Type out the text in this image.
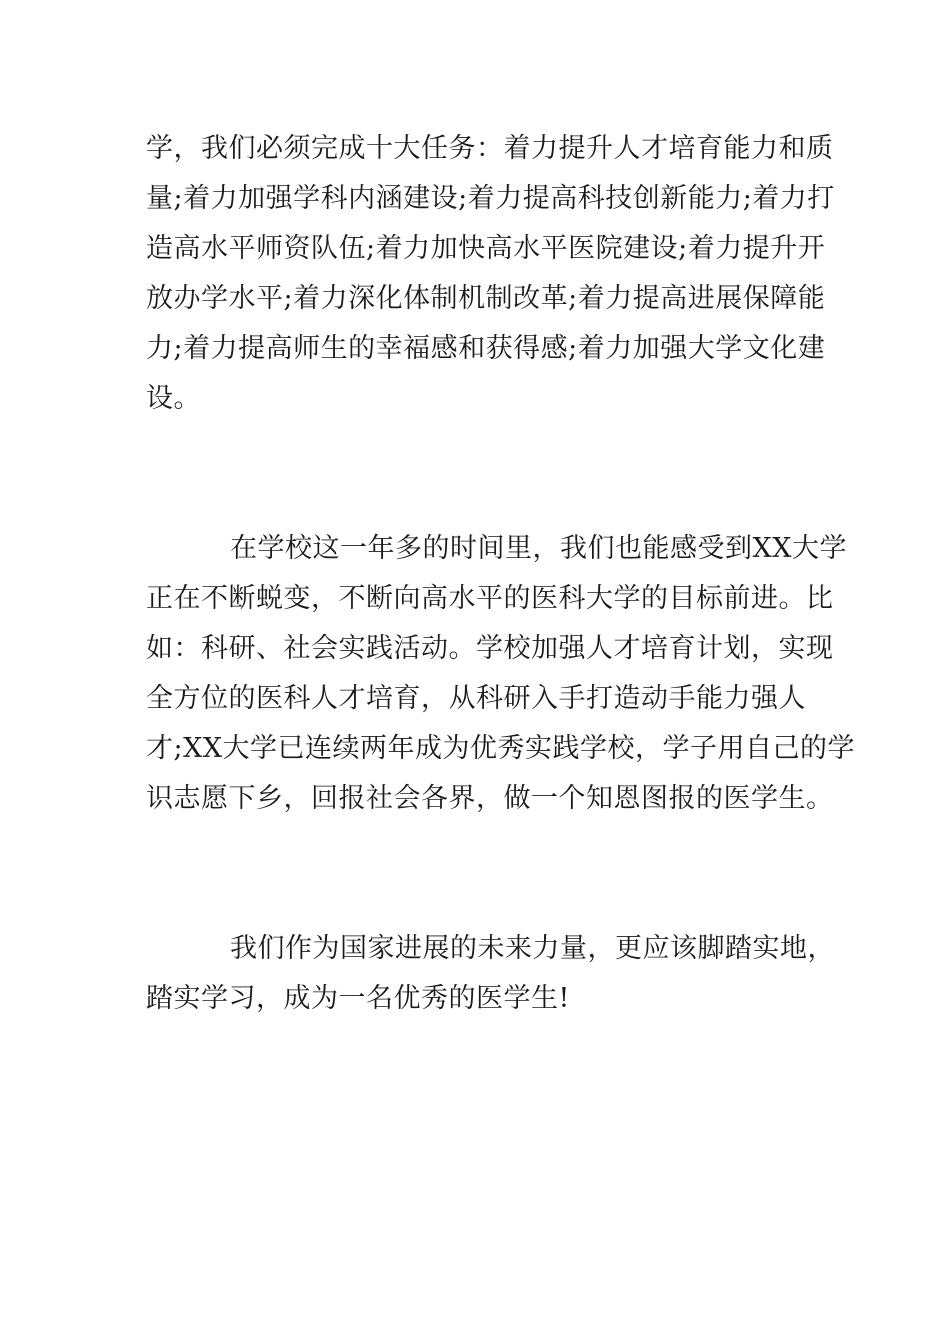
学，我们必须完成十大任务：着力提升人才培育能力和质
量;着力加强学科内涵建设;着力提高科技创新能力;着力打
造高水平师资队伍;着力加快高水平医院建设;着力提升开
放办学水平;着力深化体制机制改革;着力提高进展保障能
力;着力提高师生的幸福感和获得感;着力加强大学文化建
设。

在学校这一年多的时间里，我们也能感受到XX大学
正在不断蜕变，不断向高水平的医科大学的目标前进。比
如：科研、社会实践活动。学校加强人才培育计划，实现
全方位的医科人才培育，从科研入手打造动手能力强人
才;XX大学已连续两年成为优秀实践学校，学子用自己的学
识志愿下乡，回报社会各界，做一个知恩图报的医学生。

我们作为国家进展的未来力量，更应该脚踏实地，
踏实学习，成为一名优秀的医学生!
